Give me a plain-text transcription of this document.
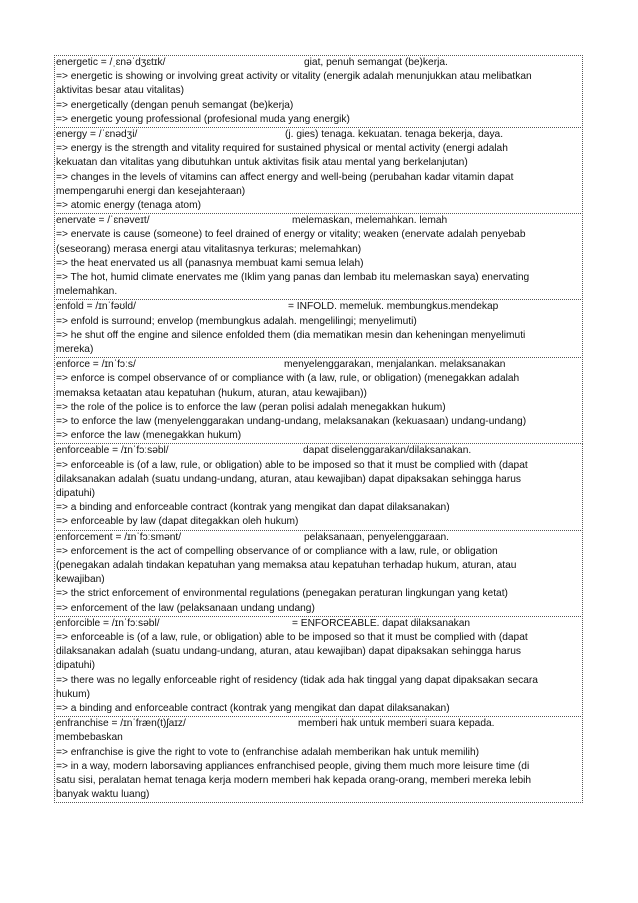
energetic = /ˌɛnəˈdʒɛtɪk/	giat, penuh semangat (be)kerja.
=> energetic is showing or involving great activity or vitality (energik adalah menunjukkan atau melibatkan
aktivitas besar atau vitalitas)
=> energetically (dengan penuh semangat (be)kerja)
=> energetic young professional (profesional muda yang energik)
energy = /ˈɛnədʒi/	(j. gies) tenaga. kekuatan. tenaga bekerja, daya.
=> energy is the strength and vitality required for sustained physical or mental activity (energi adalah
kekuatan dan vitalitas yang dibutuhkan untuk aktivitas fisik atau mental yang berkelanjutan)
=> changes in the levels of vitamins can affect energy and well-being (perubahan kadar vitamin dapat
mempengaruhi energi dan kesejahteraan)
=> atomic energy (tenaga atom)
enervate = /ˈɛnəveɪt/	melemaskan, melemahkan. lemah
=> enervate is cause (someone) to feel drained of energy or vitality; weaken (enervate adalah penyebab
(seseorang) merasa energi atau vitalitasnya terkuras; melemahkan)
=> the heat enervated us all (panasnya membuat kami semua lelah)
=> The hot, humid climate enervates me (Iklim yang panas dan lembab itu melemaskan saya) enervating
melemahkan.
enfold = /ɪnˈfəʊld/	= INFOLD. memeluk. membungkus.mendekap
=> enfold is surround; envelop (membungkus adalah. mengelilingi; menyelimuti)
=> he shut off the engine and silence enfolded them (dia mematikan mesin dan keheningan menyelimuti
mereka)
enforce = /ɪnˈfɔːs/	menyelenggarakan, menjalankan. melaksanakan
=> enforce is compel observance of or compliance with (a law, rule, or obligation) (menegakkan adalah
memaksa ketaatan atau kepatuhan (hukum, aturan, atau kewajiban))
=> the role of the police is to enforce the law (peran polisi adalah menegakkan hukum)
=> to enforce the law (menyelenggarakan undang-undang, melaksanakan (kekuasaan) undang-undang)
=> enforce the law (menegakkan hukum)
enforceable = /ɪnˈfɔːsəbl/	dapat diselenggarakan/dilaksanakan.
=> enforceable is (of a law, rule, or obligation) able to be imposed so that it must be complied with (dapat
dilaksanakan adalah (suatu undang-undang, aturan, atau kewajiban) dapat dipaksakan sehingga harus
dipatuhi)
=> a binding and enforceable contract (kontrak yang mengikat dan dapat dilaksanakan)
=> enforceable by law (dapat ditegakkan oleh hukum)
enforcement = /ɪnˈfɔːsmənt/	pelaksanaan, penyelenggaraan.
=> enforcement is the act of compelling observance of or compliance with a law, rule, or obligation
(penegakan adalah tindakan kepatuhan yang memaksa atau kepatuhan terhadap hukum, aturan, atau
kewajiban)
=> the strict enforcement of environmental regulations (penegakan peraturan lingkungan yang ketat)
=> enforcement of the law (pelaksanaan undang undang)
enforcible = /ɪnˈfɔːsəbl/	= ENFORCEABLE. dapat dilaksanakan
=> enforceable is (of a law, rule, or obligation) able to be imposed so that it must be complied with (dapat
dilaksanakan adalah (suatu undang-undang, aturan, atau kewajiban) dapat dipaksakan sehingga harus
dipatuhi)
=> there was no legally enforceable right of residency (tidak ada hak tinggal yang dapat dipaksakan secara
hukum)
=> a binding and enforceable contract (kontrak yang mengikat dan dapat dilaksanakan)
enfranchise = /ɪnˈfræn(t)ʃaɪz/	memberi hak untuk memberi suara kepada.
membebaskan
=> enfranchise is give the right to vote to (enfranchise adalah memberikan hak untuk memilih)
=> in a way, modern laborsaving appliances enfranchised people, giving them much more leisure time (di
satu sisi, peralatan hemat tenaga kerja modern memberi hak kepada orang-orang, memberi mereka lebih
banyak waktu luang)
